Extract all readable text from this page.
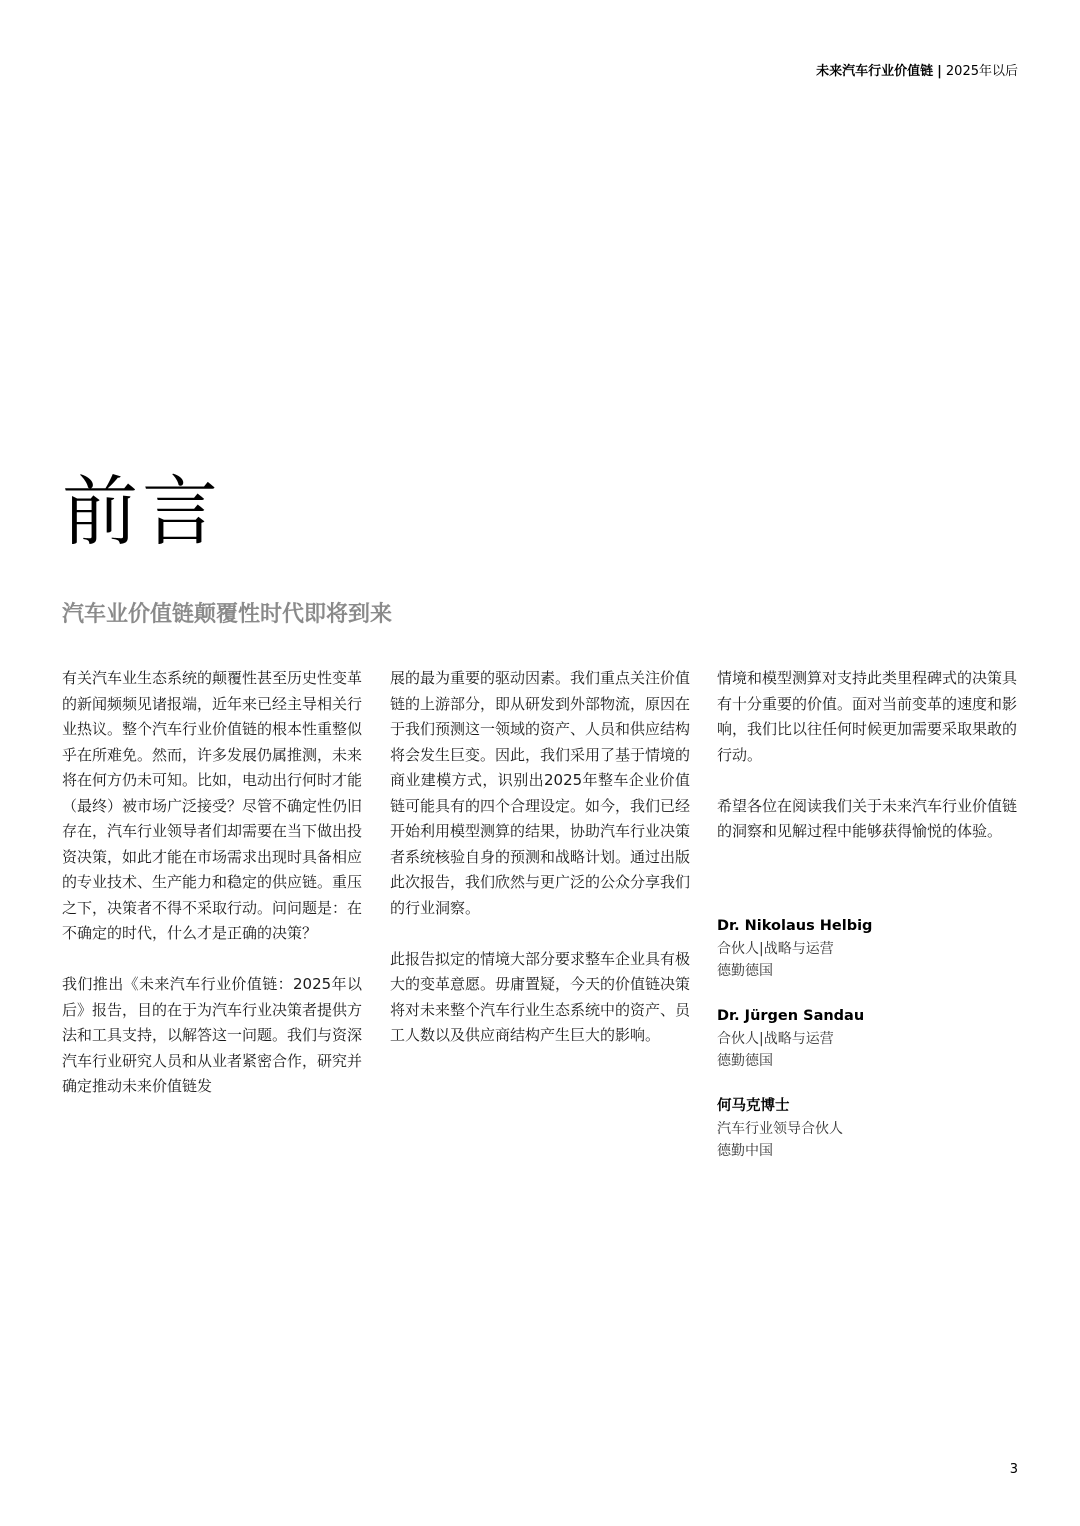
未来汽车行业价值链 | 2025年以后
前言
汽车业价值链颠覆性时代即将到来

有关汽车业生态系统的颠覆性甚至历史性变革的新闻频频见诸报端，近年来已经主导相关行业热议。整个汽车行业价值链的根本性重整似乎在所难免。然而，许多发展仍属推测，未来将在何方仍未可知。比如，电动出行何时才能（最终）被市场广泛接受？尽管不确定性仍旧存在，汽车行业领导者们却需要在当下做出投资决策，如此才能在市场需求出现时具备相应的专业技术、生产能力和稳定的供应链。重压之下，决策者不得不采取行动。问问题是：在不确定的时代，什么才是正确的决策？

我们推出《未来汽车行业价值链：2025年以后》报告，目的在于为汽车行业决策者提供方法和工具支持，以解答这一问题。我们与资深汽车行业研究人员和从业者紧密合作，研究并确定推动未来价值链发

展的最为重要的驱动因素。我们重点关注价值链的上游部分，即从研发到外部物流，原因在于我们预测这一领域的资产、人员和供应结构将会发生巨变。因此，我们采用了基于情境的商业建模方式，识别出2025年整车企业价值链可能具有的四个合理设定。如今，我们已经开始利用模型测算的结果，协助汽车行业决策者系统核验自身的预测和战略计划。通过出版此次报告，我们欣然与更广泛的公众分享我们的行业洞察。

此报告拟定的情境大部分要求整车企业具有极大的变革意愿。毋庸置疑，今天的价值链决策将对未来整个汽车行业生态系统中的资产、员工人数以及供应商结构产生巨大的影响。

情境和模型测算对支持此类里程碑式的决策具有十分重要的价值。面对当前变革的速度和影响，我们比以往任何时候更加需要采取果敢的行动。

希望各位在阅读我们关于未来汽车行业价值链的洞察和见解过程中能够获得愉悦的体验。

Dr. Nikolaus Helbig
合伙人|战略与运营
德勤德国
Dr. Jürgen Sandau
合伙人|战略与运营
德勤德国
何马克博士
汽车行业领导合伙人
德勤中国
3
